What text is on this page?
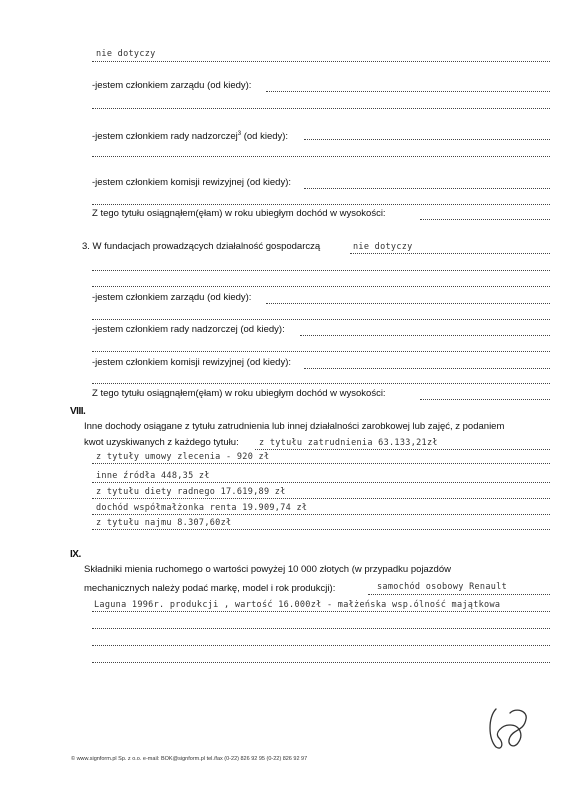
nie dotyczy
-jestem członkiem zarządu (od kiedy):
-jestem członkiem rady nadzorczej$^3$ (od kiedy):
-jestem członkiem komisji rewizyjnej (od kiedy):
Z tego tytułu osiągnąłem(ęłam) w roku ubiegłym dochód w wysokości:
3. W fundacjach prowadzących działalność gospodarczą	nie dotyczy
-jestem członkiem zarządu (od kiedy):
-jestem członkiem rady nadzorczej (od kiedy):
-jestem członkiem komisji rewizyjnej (od kiedy):
Z tego tytułu osiągnąłem(ęłam) w roku ubiegłym dochód w wysokości:
VIII.
Inne dochody osiągane z tytułu zatrudnienia lub innej działalności zarobkowej lub zajęć, z podaniem
kwot uzyskiwanych z każdego tytułu: z tytułu zatrudnienia 63.133,21zł
z tytuły umowy zlecenia - 920 zł
inne źródła 448,35 zł
z tytułu diety radnego 17.619,89 zł
dochód współmałżonka renta 19.909,74 zł
z tytułu najmu 8.307,60zł
IX.
Składniki mienia ruchomego o wartości powyżej 10 000 złotych (w przypadku pojazdów
mechanicznych należy podać markę, model i rok produkcji):	samochód osobowy Renault
Laguna 1996r. produkcji , wartość 16.000zł - małżeńska wsp.ólność majątkowa
© www.signform.pl Sp. z o.o. e-mail: BOK@signform.pl tel./fax (0-22) 826 92 95 (0-22) 826 92 97
